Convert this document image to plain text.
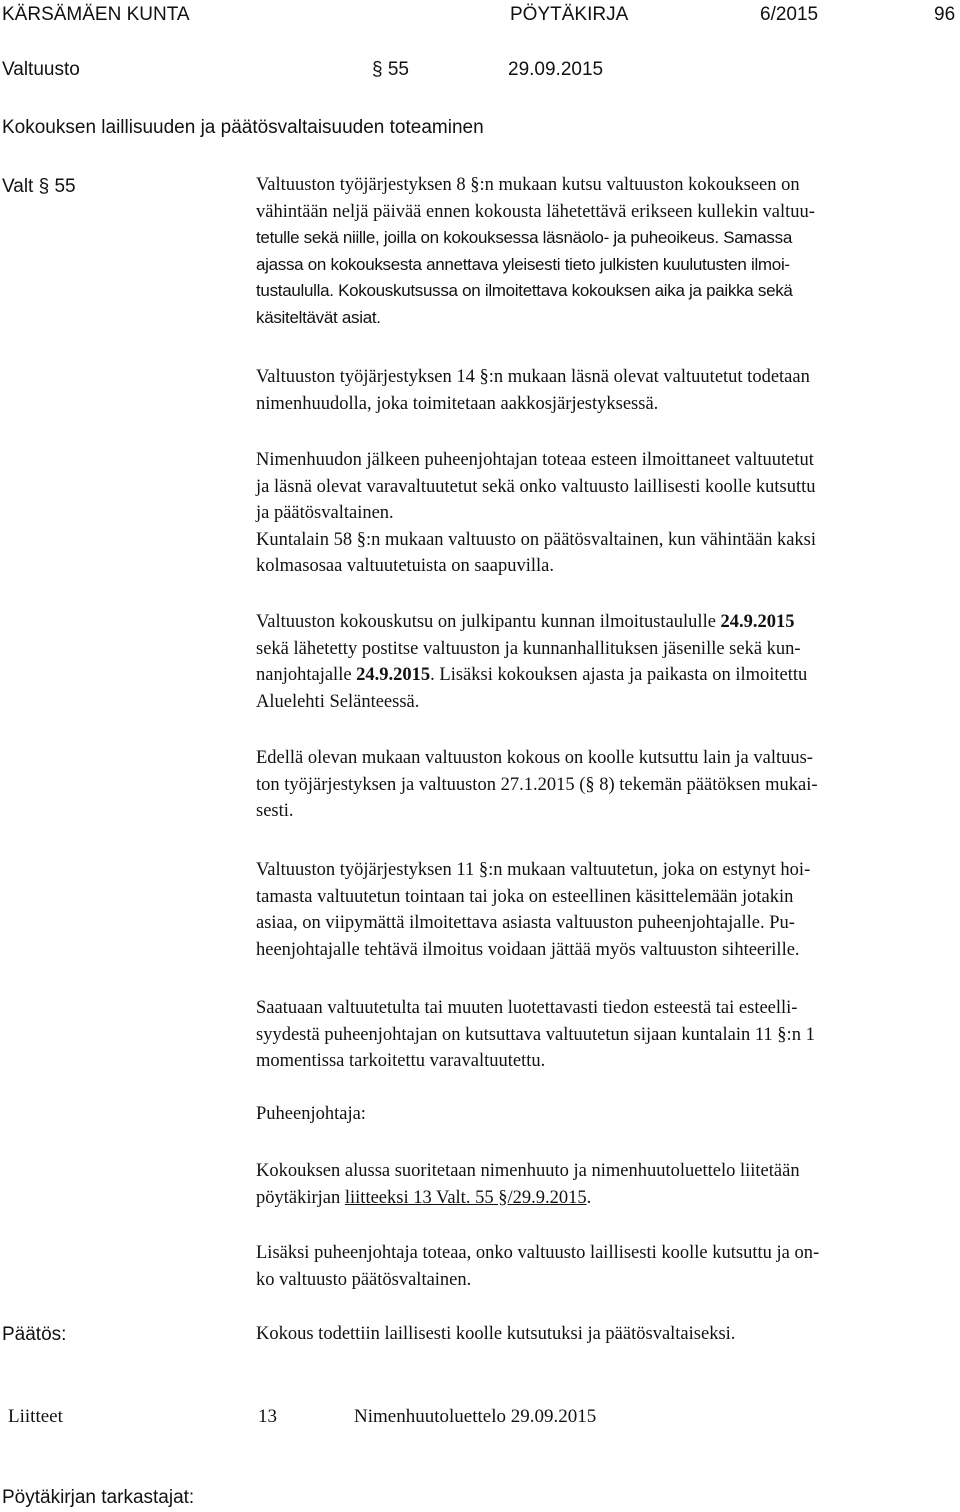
KÄRSÄMÄEN KUNTA	PÖYTÄKIRJA	6/2015	96
Valtuusto	§ 55	29.09.2015
Kokouksen laillisuuden ja päätösvaltaisuuden toteaminen
Valt § 55	Valtuuston työjärjestyksen 8 §:n mukaan kutsu valtuuston kokoukseen on
vähintään neljä päivää ennen kokousta lähetettävä erikseen kullekin valtuu-
tetulle sekä niille, joilla on kokouksessa läsnäolo- ja puheoikeus. Samassa
ajassa on kokouksesta annettava yleisesti tieto julkisten kuulutusten ilmoi-
tustaululla. Kokouskutsussa on ilmoitettava kokouksen aika ja paikka sekä
käsiteltävät asiat.
Valtuuston työjärjestyksen 14 §:n mukaan läsnä olevat valtuutetut todetaan
nimenhuudolla, joka toimitetaan aakkosjärjestyksessä.
Nimenhuudon jälkeen puheenjohtajan toteaa esteen ilmoittaneet valtuutetut
ja läsnä olevat varavaltuutetut sekä onko valtuusto laillisesti koolle kutsuttu
ja päätösvaltainen.
Kuntalain 58 §:n mukaan valtuusto on päätösvaltainen, kun vähintään kaksi
kolmasosaa valtuutetuista on saapuvilla.
Valtuuston kokouskutsu on julkipantu kunnan ilmoitustaululle 24.9.2015
sekä lähetetty postitse valtuuston ja kunnanhallituksen jäsenille sekä kun-
nanjohtajalle 24.9.2015. Lisäksi kokouksen ajasta ja paikasta on ilmoitettu
Aluelehti Selänteessä.
Edellä olevan mukaan valtuuston kokous on koolle kutsuttu lain ja valtuus-
ton työjärjestyksen ja valtuuston 27.1.2015 (§ 8) tekemän päätöksen mukai-
sesti.
Valtuuston työjärjestyksen 11 §:n mukaan valtuutetun, joka on estynyt hoi-
tamasta valtuutetun tointaan tai joka on esteellinen käsittelemään jotakin
asiaa, on viipymättä ilmoitettava asiasta valtuuston puheenjohtajalle. Pu-
heenjohtajalle tehtävä ilmoitus voidaan jättää myös valtuuston sihteerille.
Saatuaan valtuutetulta tai muuten luotettavasti tiedon esteestä tai esteelli-
syydestä puheenjohtajan on kutsuttava valtuutetun sijaan kuntalain 11 §:n 1
momentissa tarkoitettu varavaltuutettu.
Puheenjohtaja:
Kokouksen alussa suoritetaan nimenhuuto ja nimenhuutoluettelo liitetään
pöytäkirjan liitteeksi 13 Valt. 55 §/29.9.2015.
Lisäksi puheenjohtaja toteaa, onko valtuusto laillisesti koolle kutsuttu ja on-
ko valtuusto päätösvaltainen.
Päätös:	Kokous todettiin laillisesti koolle kutsutuksi ja päätösvaltaiseksi.
Liitteet	13	Nimenhuutoluettelo 29.09.2015
Pöytäkirjan tarkastajat:
